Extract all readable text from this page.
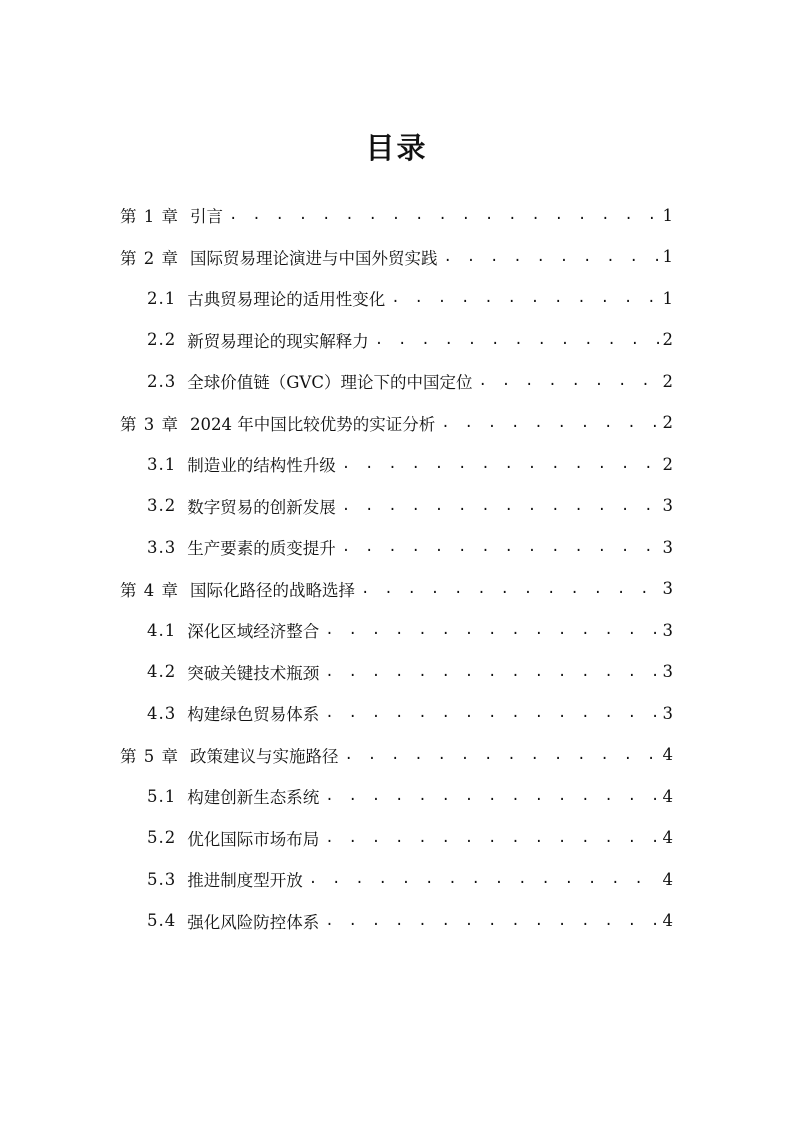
目录
第 1 章 引言 . . .	1
第 2 章 国际贸易理论演进与中国外贸实践 . . .	1
2.1 古典贸易理论的适用性变化 . . .	1
2.2 新贸易理论的现实解释力 . . .	2
2.3 全球价值链（GVC）理论下的中国定位 . . .	2
第 3 章 2024 年中国比较优势的实证分析 . . .	2
3.1 制造业的结构性升级 . . .	2
3.2 数字贸易的创新发展 . . .	3
3.3 生产要素的质变提升 . . .	3
第 4 章 国际化路径的战略选择 . . .	3
4.1 深化区域经济整合 . . .	3
4.2 突破关键技术瓶颈 . . .	3
4.3 构建绿色贸易体系 . . .	3
第 5 章 政策建议与实施路径 . . .	4
5.1 构建创新生态系统 . . .	4
5.2 优化国际市场布局 . . .	4
5.3 推进制度型开放 . . .	4
5.4 强化风险防控体系 . . .	4
